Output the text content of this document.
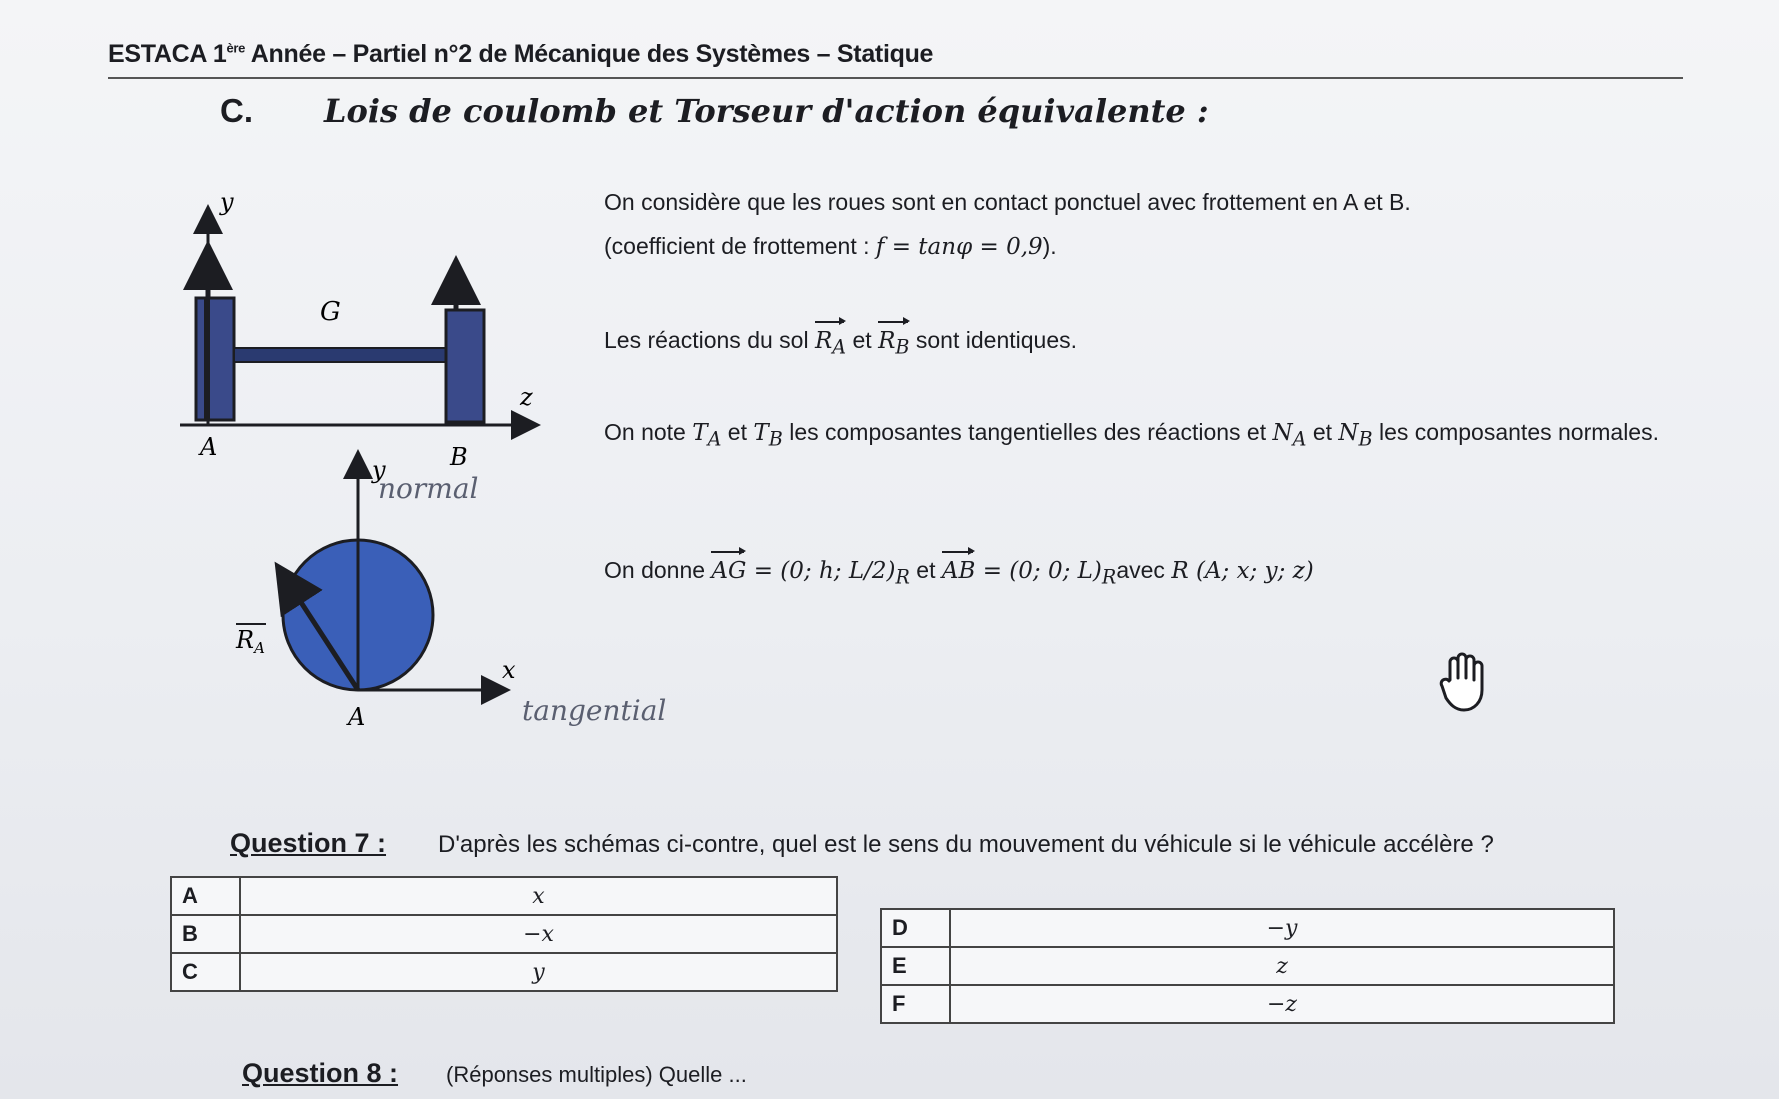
ESTACA 1ère Année – Partiel n°2 de Mécanique des Systèmes – Statique
C. Lois de coulomb et Torseur d'action équivalente :
y
z
G
A	B
y
normal
x
tangential
A
$R_A$
On considère que les roues sont en contact ponctuel avec frottement en A et B.
(coefficient de frottement : f = tanφ = 0,9).
Les réactions du sol $R_A$ et $R_B$ sont identiques.
On note $T_A$ et $T_B$ les composantes tangentielles des réactions et $N_A$ et $N_B$ les composantes normales.
On donne AG = (0; h; $L/2)_R$ et AB = (0; 0; $L)_Ravec$ R (A; x; y; z)
Question 7 : D'après les schémas ci-contre, quel est le sens du mouvement du véhicule si le véhicule accélère ?
A	x
B	−x
C	y
D	−y
E	z
F	−z
Question 8 : (Réponses multiples) Quelle ...
